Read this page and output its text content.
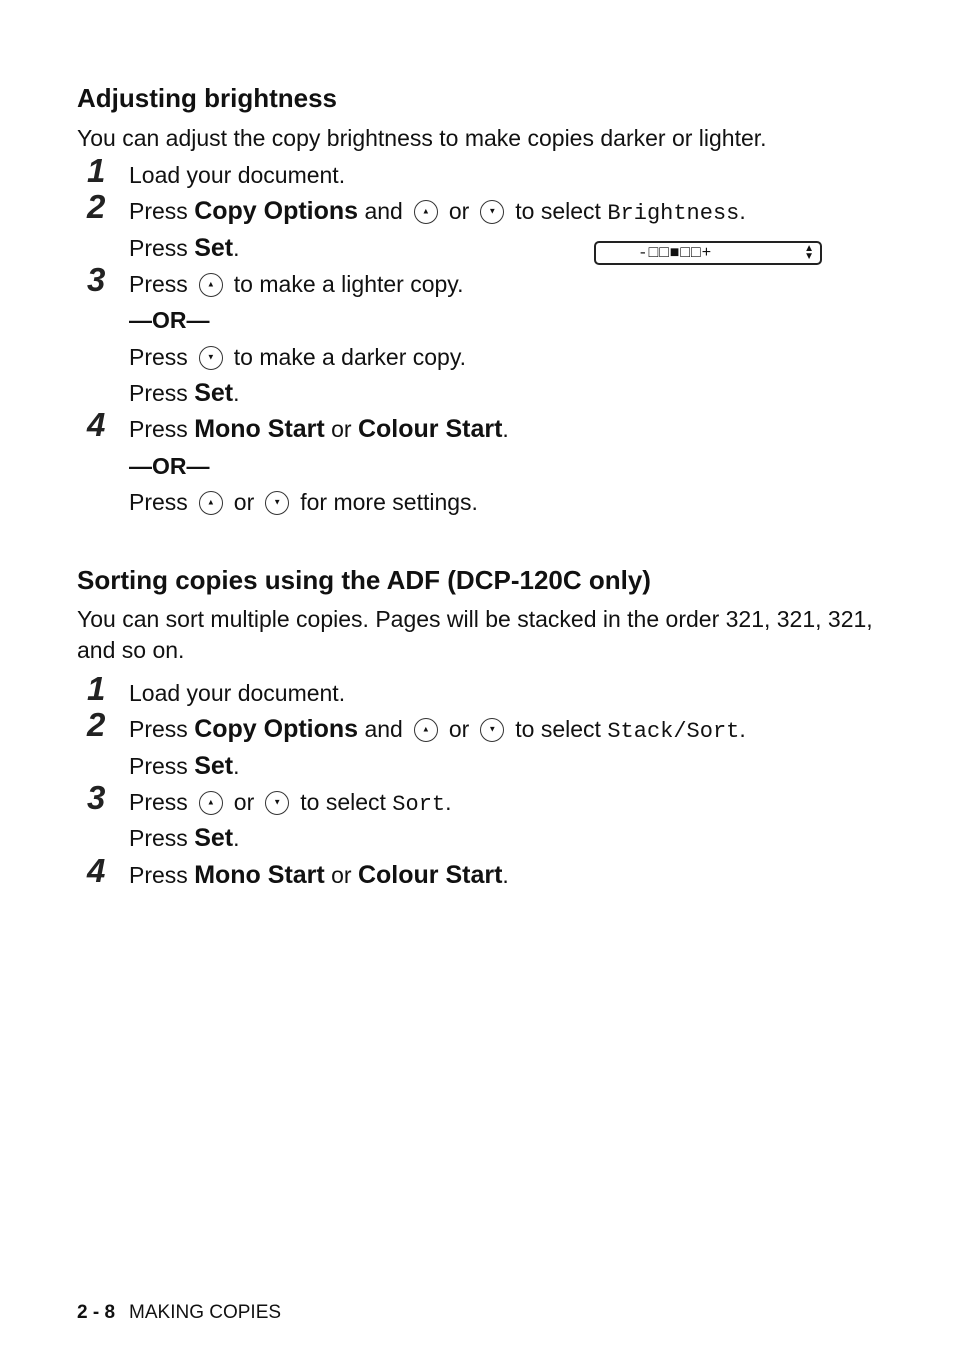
Adjusting brightness
You can adjust the copy brightness to make copies darker or lighter.
1	Load your document.
2	Press Copy Options and ▲ or ▼ to select Brightness.
Press Set.	-□□■□□+	▲
▼
3	Press ▲ to make a lighter copy.
—OR—
Press ▼ to make a darker copy.
Press Set.
4	Press Mono Start or Colour Start.
—OR—
Press ▲ or ▼ for more settings.
Sorting copies using the ADF (DCP-120C only)
You can sort multiple copies. Pages will be stacked in the order 321, 321, 321, and so on.
1	Load your document.
2	Press Copy Options and ▲ or ▼ to select Stack/Sort.
Press Set.
3	Press ▲ or ▼ to select Sort.
Press Set.
4	Press Mono Start or Colour Start.
2 - 8 MAKING COPIES
